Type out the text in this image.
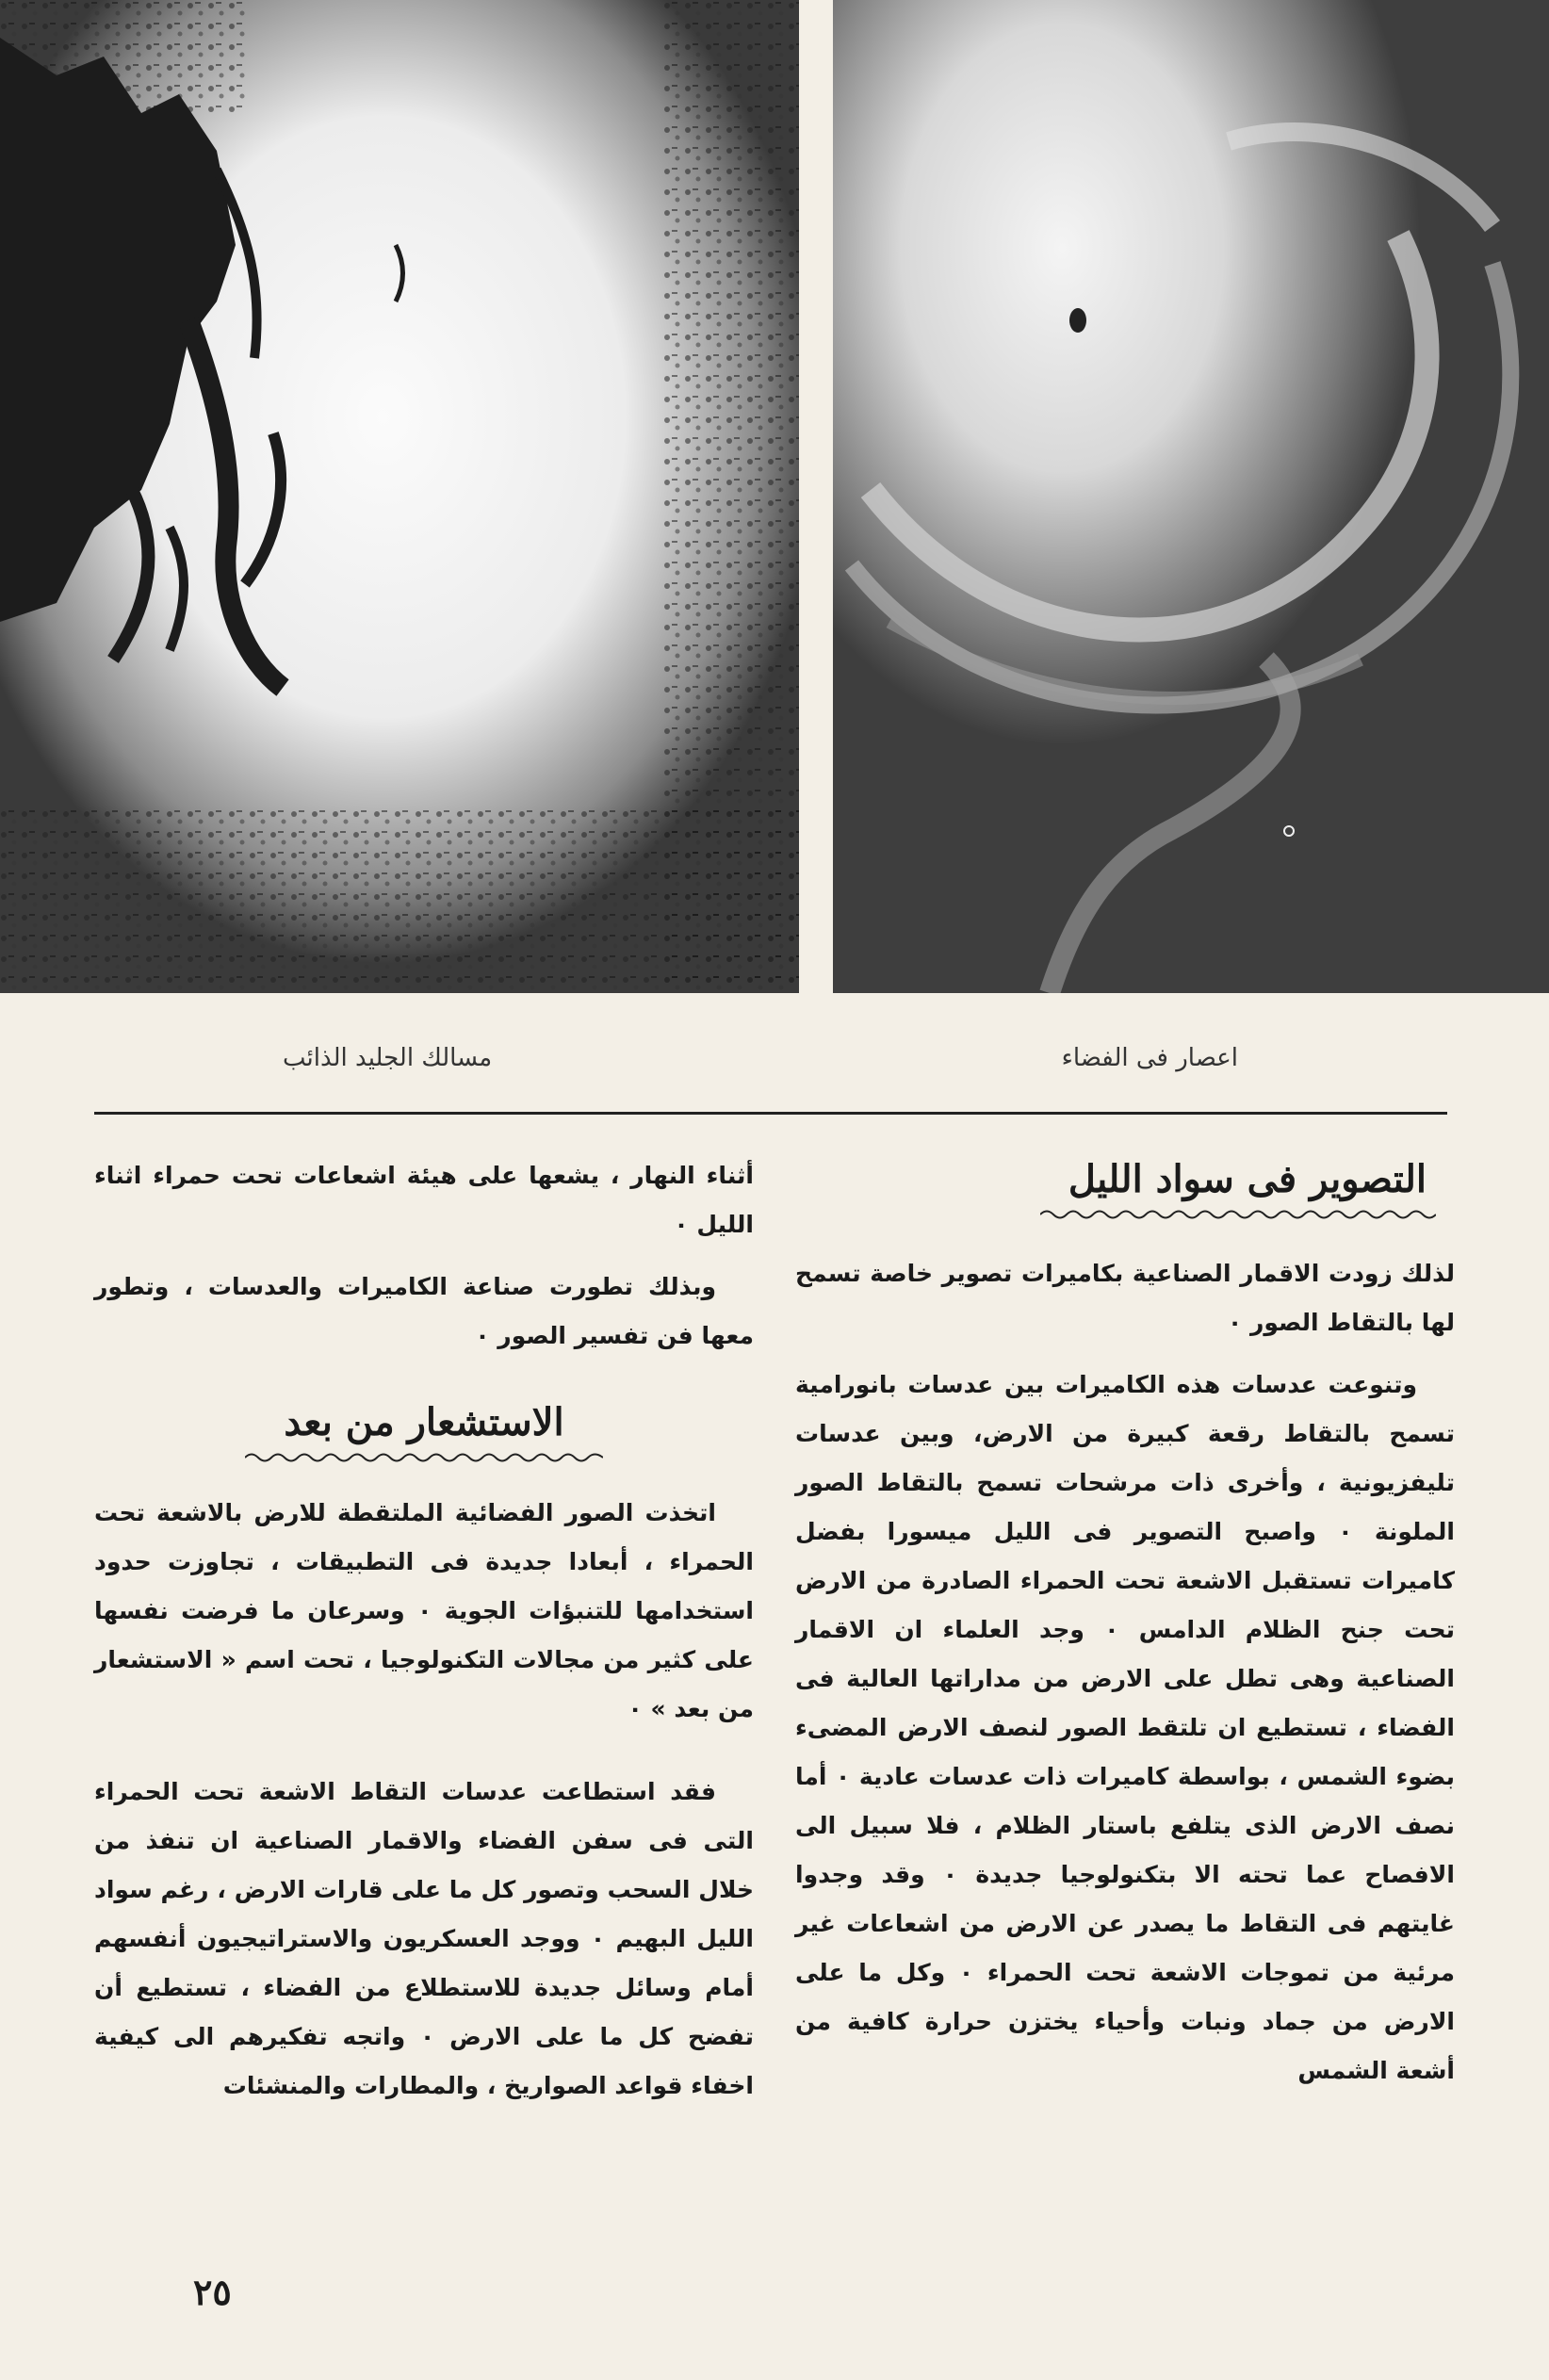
اعصار فى الفضاء
مسالك الجليد الذائب
التصوير فى سواد الليل

لذلك زودت الاقمار الصناعية بكاميرات تصوير خاصة تسمح لها بالتقاط الصور ٠

وتنوعت عدسات هذه الكاميرات بين عدسات بانورامية تسمح بالتقاط رقعة كبيرة من الارض، وبين عدسات تليفزيونية ، وأخرى ذات مرشحات تسمح بالتقاط الصور الملونة ٠ واصبح التصوير فى الليل ميسورا بفضل كاميرات تستقبل الاشعة تحت الحمراء الصادرة من الارض تحت جنح الظلام الدامس ٠ وجد العلماء ان الاقمار الصناعية وهى تطل على الارض من مداراتها العالية فى الفضاء ، تستطيع ان تلتقط الصور لنصف الارض المضىء بضوء الشمس ، بواسطة كاميرات ذات عدسات عادية ٠ أما نصف الارض الذى يتلفع باستار الظلام ، فلا سبيل الى الافصاح عما تحته الا بتكنولوجيا جديدة ٠ وقد وجدوا غايتهم فى التقاط ما يصدر عن الارض من اشعاعات غير مرئية من تموجات الاشعة تحت الحمراء ٠ وكل ما على الارض من جماد ونبات وأحياء يختزن حرارة كافية من أشعة الشمس

أثناء النهار ، يشعها على هيئة اشعاعات تحت حمراء اثناء الليل ٠

وبذلك تطورت صناعة الكاميرات والعدسات ، وتطور معها فن تفسير الصور ٠

الاستشعار من بعد

اتخذت الصور الفضائية الملتقطة للارض بالاشعة تحت الحمراء ، أبعادا جديدة فى التطبيقات ، تجاوزت حدود استخدامها للتنبؤات الجوية ٠ وسرعان ما فرضت نفسها على كثير من مجالات التكنولوجيا ، تحت اسم « الاستشعار من بعد » ٠

فقد استطاعت عدسات التقاط الاشعة تحت الحمراء التى فى سفن الفضاء والاقمار الصناعية ان تنفذ من خلال السحب وتصور كل ما على قارات الارض ، رغم سواد الليل البهيم ٠ ووجد العسكريون والاستراتيجيون أنفسهم أمام وسائل جديدة للاستطلاع من الفضاء ، تستطيع أن تفضح كل ما على الارض ٠ واتجه تفكيرهم الى كيفية اخفاء قواعد الصواريخ ، والمطارات والمنشئات

٢٥
